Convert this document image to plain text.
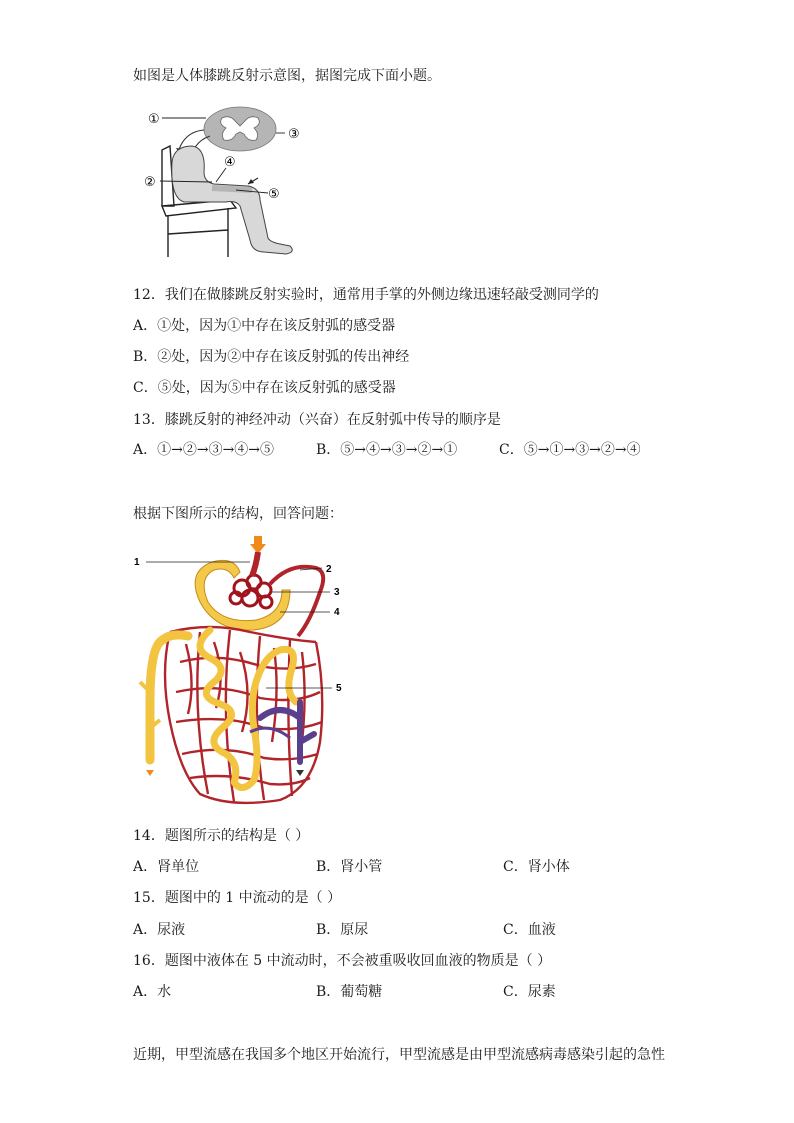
如图是人体膝跳反射示意图，据图完成下面小题。
①
③
④
②
⑤
12．我们在做膝跳反射实验时，通常用手掌的外侧边缘迅速轻敲受测同学的
A．①处，因为①中存在该反射弧的感受器
B．②处，因为②中存在该反射弧的传出神经
C．⑤处，因为⑤中存在该反射弧的感受器
13．膝跳反射的神经冲动（兴奋）在反射弧中传导的顺序是
A．①→②→③→④→⑤	B．⑤→④→③→②→①	C．⑤→①→③→②→④
根据下图所示的结构，回答问题：
1
2
3
4
5
14．题图所示的结构是（ ）
A．肾单位	B．肾小管	C．肾小体
15．题图中的 1 中流动的是（ ）
A．尿液	B．原尿	C．血液
16．题图中液体在 5 中流动时，不会被重吸收回血液的物质是（ ）
A．水	B．葡萄糖	C．尿素
近期，甲型流感在我国多个地区开始流行，甲型流感是由甲型流感病毒感染引起的急性
